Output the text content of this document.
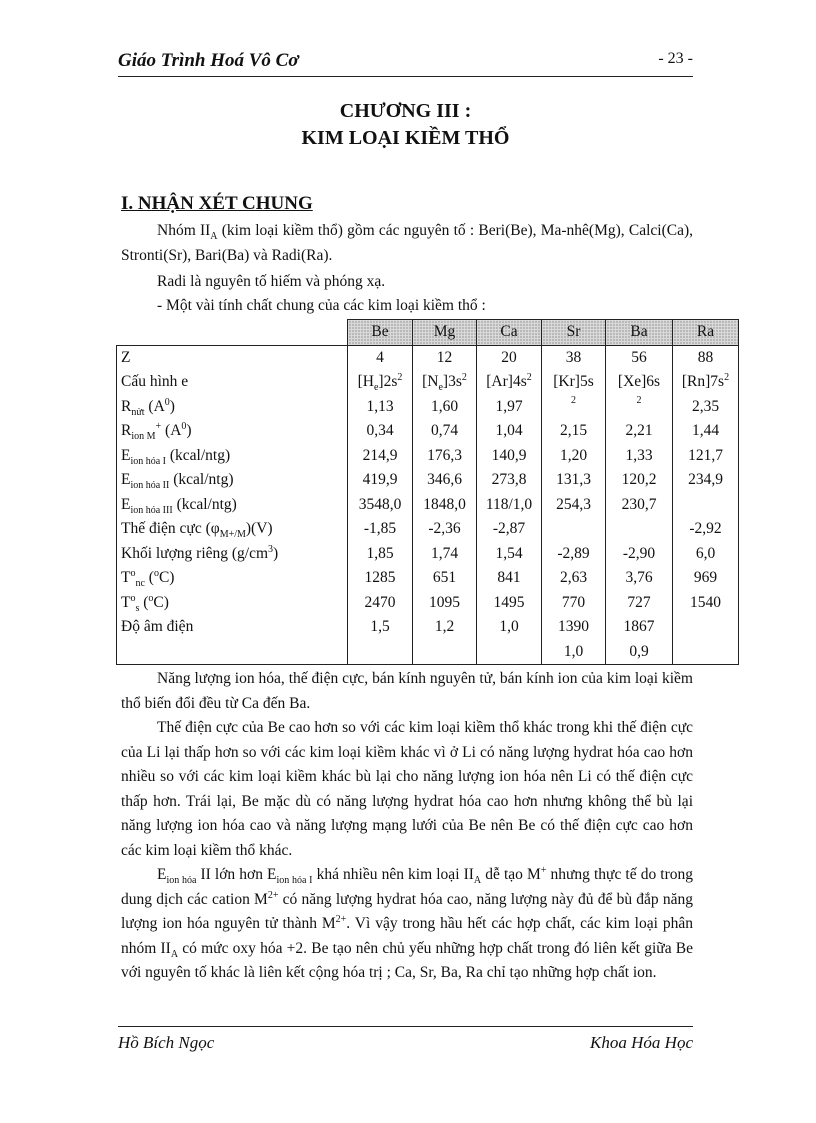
Giáo Trình Hoá Vô Cơ	- 23 -
CHƯƠNG III :
KIM LOẠI KIỀM THỔ
I. NHẬN XÉT CHUNG
Nhóm $II_A$ (kim loại kiềm thổ) gồm các nguyên tố : Beri(Be), Ma-nhê(Mg), Calci(Ca), Stronti(Sr), Bari(Ba) và Radi(Ra).
Radi là nguyên tố hiếm và phóng xạ.
- Một vài tính chất chung của các kim loại kiềm thổ :
	Be	Mg	Ca	Sr	Ba	Ra
Z	4	12	20	38	56	88
Cấu hình e	$[H_e]2s^2$	$[N_e]3s^2$	$[Ar]4s^2$	[Kr]5s	[Xe]6s	$[Rn]7s^2$
$R_{nửt}$ $(A^0)$	1,13	1,60	1,97	2	2	2,35
$R_{ion M}^+$ $(A^0)$	0,34	0,74	1,04	2,15	2,21	1,44
$E_{ion hóa I}$ (kcal/ntg)	214,9	176,3	140,9	1,20	1,33	121,7
$E_{ion hóa II}$ (kcal/ntg)	419,9	346,6	273,8	131,3	120,2	234,9
$E_{ion hóa III}$ (kcal/ntg)	3548,0	1848,0	118/1,0	254,3	230,7	
Thế điện cực $(\varphi_{M+/M})(V)$	-1,85	-2,36	-2,87			-2,92
Khối lượng riêng $(g/cm^3)$	1,85	1,74	1,54	-2,89	-2,90	6,0
$T^o_{nc}$ ($^o$C)	1285	651	841	2,63	3,76	969
$T^o_s$ ($^o$C)	2470	1095	1495	770	727	1540
Độ âm điện	1,5	1,2	1,0	1390	1867	
				1,0	0,9	
Năng lượng ion hóa, thế điện cực, bán kính nguyên tử, bán kính ion của kim loại kiềm thổ biến đổi đều từ Ca đến Ba.
Thế điện cực của Be cao hơn so với các kim loại kiềm thổ khác trong khi thế điện cực của Li lại thấp hơn so với các kim loại kiềm khác vì ở Li có năng lượng hydrat hóa cao hơn nhiều so với các kim loại kiềm khác bù lại cho năng lượng ion hóa nên Li có thế điện cực thấp hơn. Trái lại, Be mặc dù có năng lượng hydrat hóa cao hơn nhưng không thể bù lại năng lượng ion hóa cao và năng lượng mạng lưới của Be nên Be có thế điện cực cao hơn các kim loại kiềm thổ khác.
$E_{ion hóa}$ II lớn hơn $E_{ion hóa I}$ khá nhiều nên kim loại $II_A$ dễ tạo M+ nhưng thực tế do trong dung dịch các cation $M^{2+}$ có năng lượng hydrat hóa cao, năng lượng này đủ để bù đắp năng lượng ion hóa nguyên tử thành $M^{2+}$. Vì vậy trong hầu hết các hợp chất, các kim loại phân nhóm $II_A$ có mức oxy hóa +2. Be tạo nên chủ yếu những hợp chất trong đó liên kết giữa Be với nguyên tố khác là liên kết cộng hóa trị ; Ca, Sr, Ba, Ra chỉ tạo những hợp chất ion.
Hồ Bích Ngọc	Khoa Hóa Học
